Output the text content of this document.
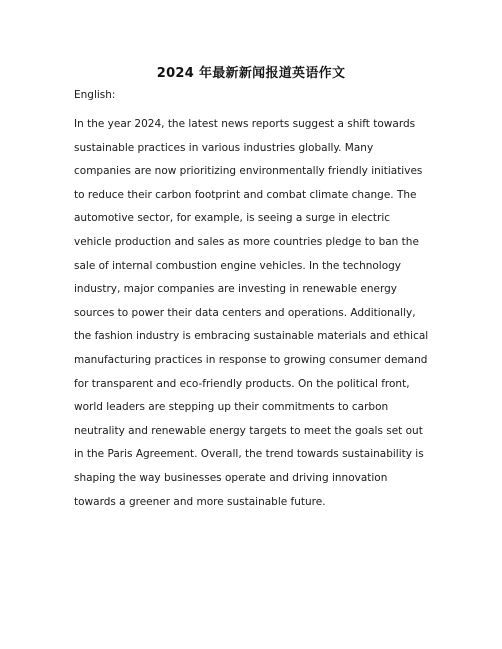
2024 年最新新闻报道英语作文

English:

In the year 2024, the latest news reports suggest a shift towards sustainable practices in various industries globally. Many companies are now prioritizing environmentally friendly initiatives to reduce their carbon footprint and combat climate change. The automotive sector, for example, is seeing a surge in electric vehicle production and sales as more countries pledge to ban the sale of internal combustion engine vehicles. In the technology industry, major companies are investing in renewable energy sources to power their data centers and operations. Additionally, the fashion industry is embracing sustainable materials and ethical manufacturing practices in response to growing consumer demand for transparent and eco-friendly products. On the political front, world leaders are stepping up their commitments to carbon neutrality and renewable energy targets to meet the goals set out in the Paris Agreement. Overall, the trend towards sustainability is shaping the way businesses operate and driving innovation towards a greener and more sustainable future.
